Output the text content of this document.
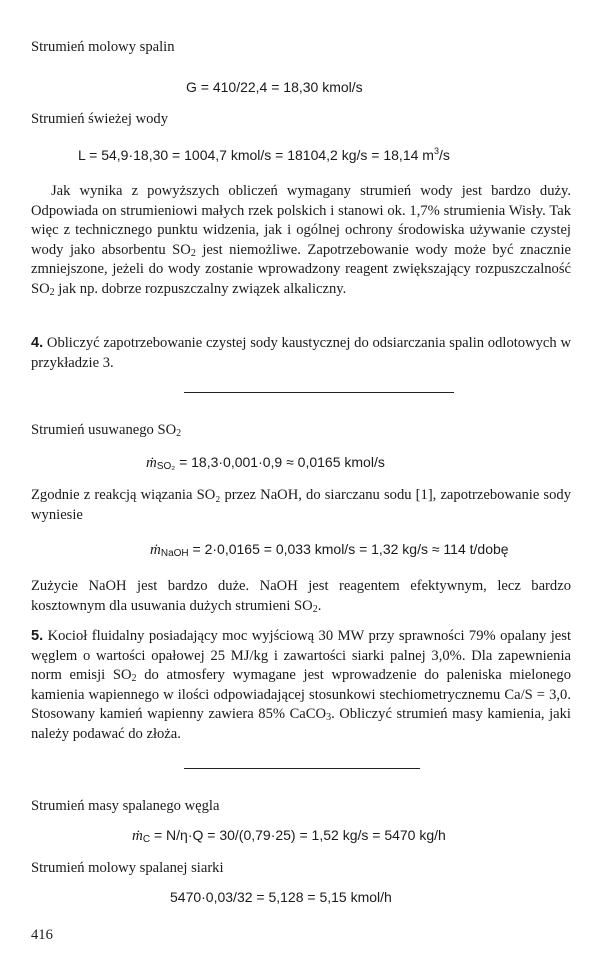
Strumień molowy spalin
G = 410/22,4 = 18,30 kmol/s
Strumień świeżej wody
L = 54,9·18,30 = 1004,7 kmol/s = 18104,2 kg/s = 18,14 $m^3/s$

Jak wynika z powyższych obliczeń wymagany strumień wody jest bardzo duży. Odpowiada on strumieniowi małych rzek polskich i stanowi ok. 1,7% strumienia Wisły. Tak więc z technicznego punktu widzenia, jak i ogólnej ochrony środowiska używanie czystej wody jako absorbentu $SO_2$ jest niemożliwe. Zapotrzebowanie wody może być znacznie zmniejszone, jeżeli do wody zostanie wprowadzony reagent zwiększający rozpuszczalność $SO_2$ jak np. dobrze rozpuszczalny związek alkaliczny.

4. Obliczyć zapotrzebowanie czystej sody kaustycznej do odsiarczania spalin odlotowych w przykładzie 3.

Strumień usuwanego $SO_2$
ṁ$_{SO_2}$ = 18,3·0,001·0,9 ≈ 0,0165 kmol/s

Zgodnie z reakcją wiązania SO₂ przez NaOH, do siarczanu sodu [1], zapotrzebowanie sody wyniesie

ṁ$_{NaOH}$ = 2·0,0165 = 0,033 kmol/s = 1,32 kg/s ≈ 114 t/dobę

Zużycie NaOH jest bardzo duże. NaOH jest reagentem efektywnym, lecz bardzo kosztownym dla usuwania dużych strumieni $SO_2$.

5. Kocioł fluidalny posiadający moc wyjściową 30 MW przy sprawności 79% opalany jest węglem o wartości opałowej 25 MJ/kg i zawartości siarki palnej 3,0%. Dla zapewnienia norm emisji $SO_2$ do atmosfery wymagane jest wprowadzenie do paleniska mielonego kamienia wapiennego w ilości odpowiadającej stosunkowi stechiometrycznemu Ca/S = 3,0. Stosowany kamień wapienny zawiera 85% CaCO$_3$. Obliczyć strumień masy kamienia, jaki należy podawać do złoża.

Strumień masy spalanego węgla
ṁ$_C$ = N/η·Q = 30/(0,79·25) = 1,52 kg/s = 5470 kg/h
Strumień molowy spalanej siarki
5470·0,03/32 = 5,128 = 5,15 kmol/h
416
